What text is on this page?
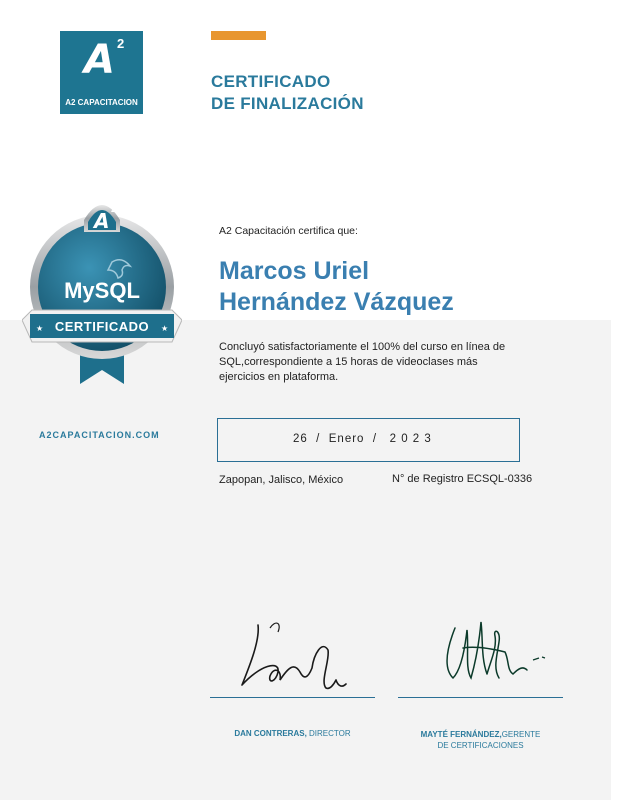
A 2
A2 CAPACITACION
CERTIFICADO
DE FINALIZACIÓN
A 2
MySQL
CERTIFICADO
★	★
A2 Capacitación certifica que:
Marcos Uriel
Hernández Vázquez
Concluyó satisfactoriamente el 100% del curso en línea de SQL,correspondiente a 15 horas de videoclases más ejercicios en plataforma.
A2CAPACITACION.COM	26  /  Enero  /   2 0 2 3
Zapopan, Jalisco, México	N° de Registro ECSQL-0336
DAN CONTRERAS, DIRECTOR	MAYTÉ FERNÁNDEZ,GERENTE
DE CERTIFICACIONES
